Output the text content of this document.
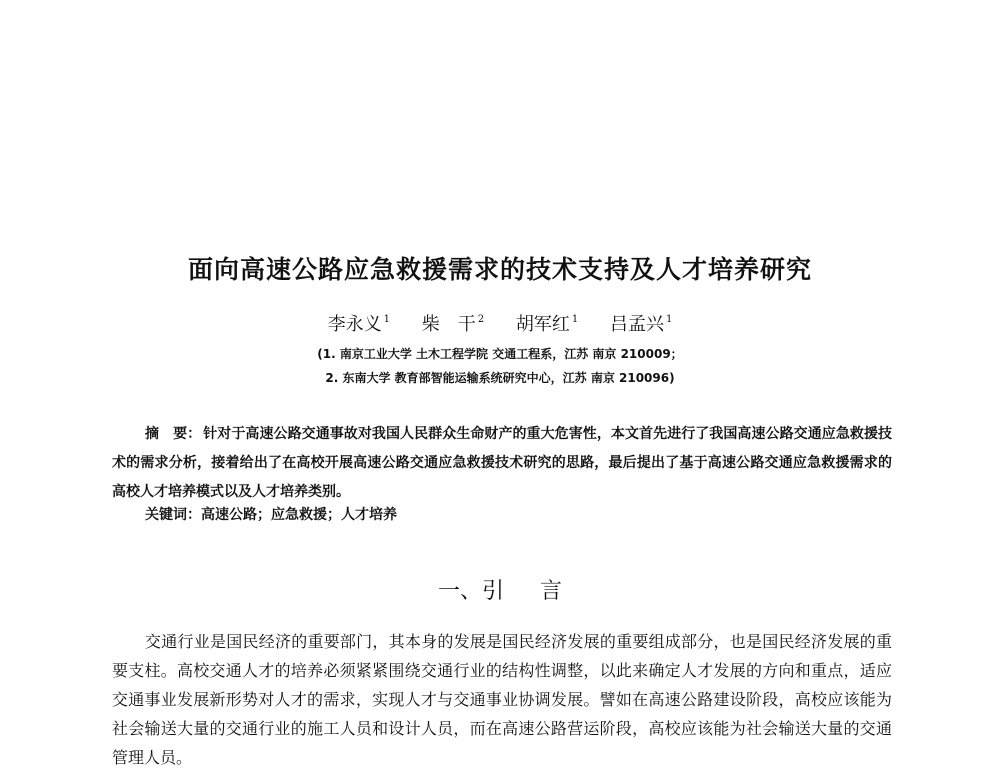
面向高速公路应急救援需求的技术支持及人才培养研究
李永义 $^1$ 柴　干 $^2$ 胡军红 $^1$ 吕孟兴 $^1$
(1. 南京工业大学 土木工程学院 交通工程系，江苏 南京 210009；
2. 东南大学 教育部智能运输系统研究中心，江苏 南京 210096)
摘　要： 针对于高速公路交通事故对我国人民群众生命财产的重大危害性，本文首先进行了我国高速公路交通应急救援技术的需求分析，接着给出了在高校开展高速公路交通应急救援技术研究的思路，最后提出了基于高速公路交通应急救援需求的高校人才培养模式以及人才培养类别。
关键词：高速公路；应急救援；人才培养
一、引 言
交通行业是国民经济的重要部门，其本身的发展是国民经济发展的重要组成部分，也是国民经济发展的重要支柱。高校交通人才的培养必须紧紧围绕交通行业的结构性调整，以此来确定人才发展的方向和重点，适应交通事业发展新形势对人才的需求，实现人才与交通事业协调发展。譬如在高速公路建设阶段，高校应该能为社会输送大量的交通行业的施工人员和设计人员，而在高速公路营运阶段，高校应该能为社会输送大量的交通管理人员。
